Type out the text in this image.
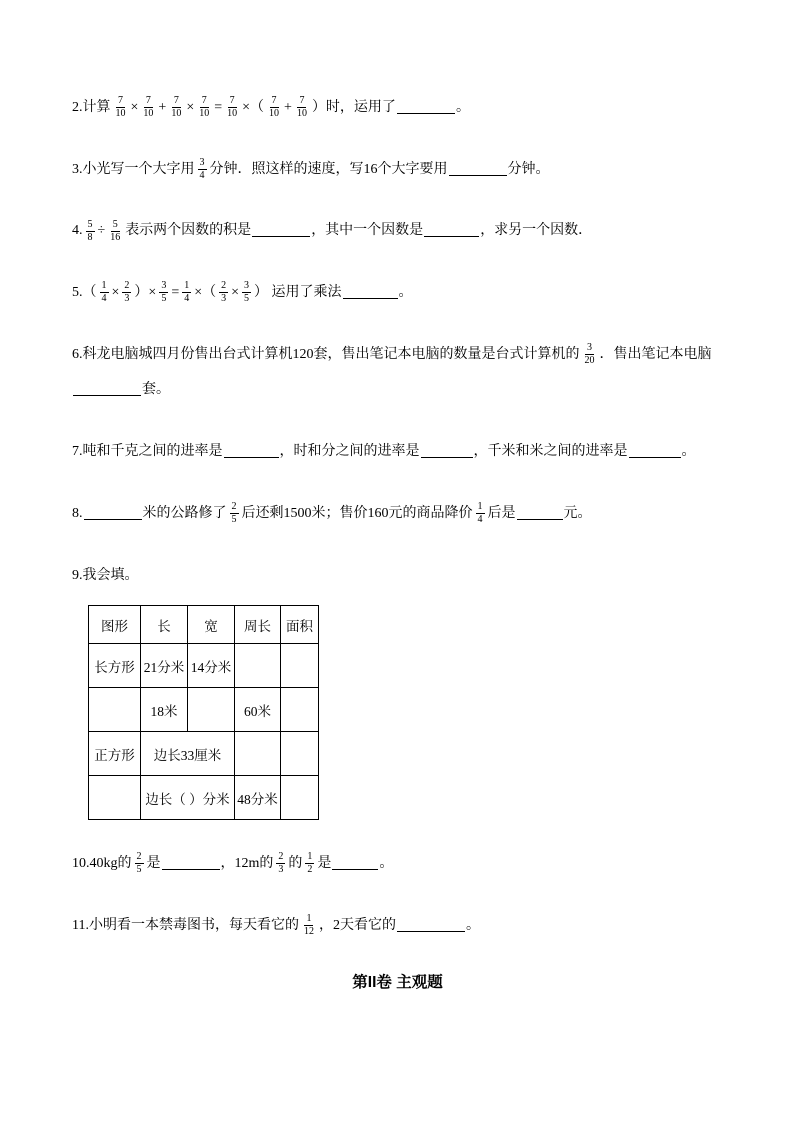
2.计算 $\frac{7}{10} \times \frac{7}{10} + \frac{7}{10} \times \frac{7}{10} = \frac{7}{10}$ ×（ $\frac{7}{10} + \frac{7}{10}$ ）时，运用了	。
3.小光写一个大字用 $\frac{3}{4}$ 分钟．照这样的速度，写16个大字要用	分钟。
4. $\frac{5}{8} \div \frac{5}{16}$ 表示两个因数的积是	，其中一个因数是	，求另一个因数．
$5.( \frac{1}{4} \times \frac{2}{3}$ ）× $\frac{3}{5} = \frac{1}{4}$ ×（ $\frac{2}{3} \times \frac{3}{5}$ ） 运用了乘法	。
6.科龙电脑城四月份售出台式计算机120套，售出笔记本电脑的数量是台式计算机的 $\frac{3}{20}$ ．售出笔记本电脑
套。
7.吨和千克之间的进率是	，时和分之间的进率是	，千米和米之间的进率是	。
8.	米的公路修了 $\frac{2}{5}$ 后还剩1500米；售价160元的商品降价 $\frac{1}{4}$ 后是	元。
9.我会填。
图形	长	宽	周长	面积
长方形	21分米	14分米		
	18米		60米	
正方形	边长33厘米			
	边长（ ）分米		48分米	
10.40kg的 $\frac{2}{5}$ 是	，12m的 $\frac{2}{3}$ 的 $\frac{1}{2}$ 是	。
11.小明看一本禁毒图书，每天看它的 $\frac{1}{12}$ ，2天看它的	。
第II卷 主观题
